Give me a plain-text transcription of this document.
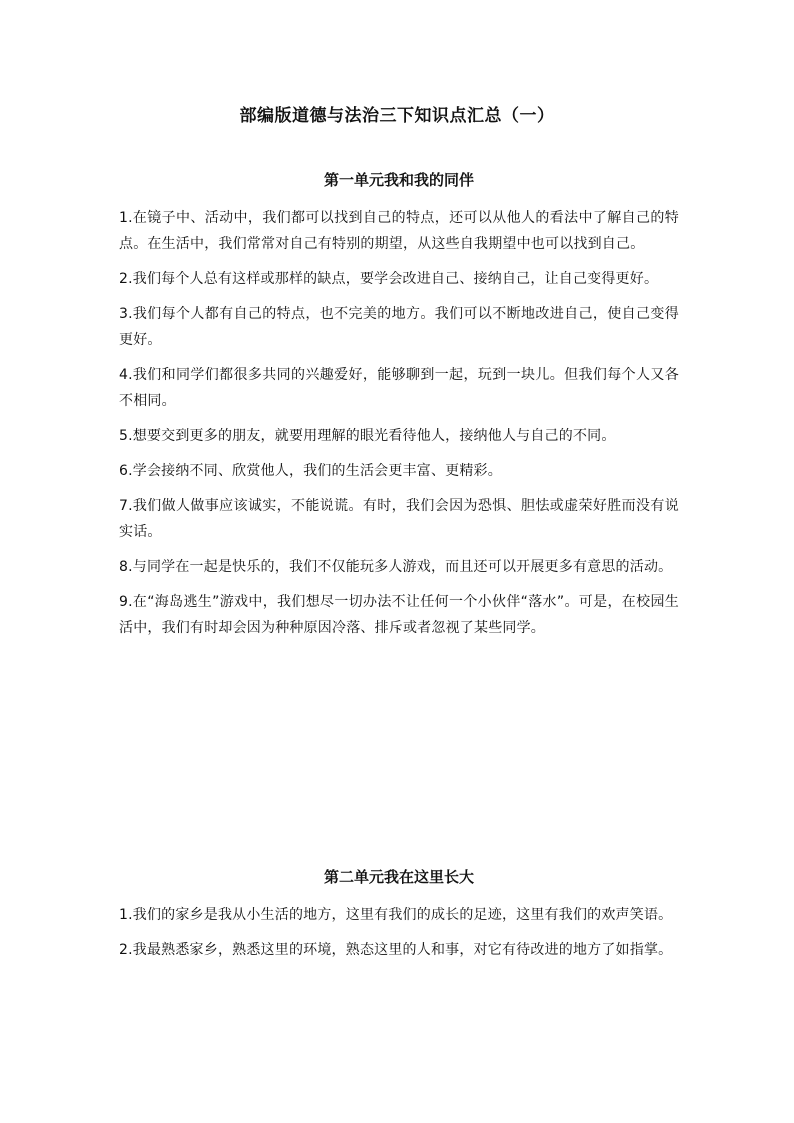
部编版道德与法治三下知识点汇总（一）
第一单元我和我的同伴
1.在镜子中、活动中，我们都可以找到自己的特点，还可以从他人的看法中了解自己的特点。在生活中，我们常常对自己有特别的期望，从这些自我期望中也可以找到自己。
2.我们每个人总有这样或那样的缺点，要学会改进自己、接纳自己，让自己变得更好。
3.我们每个人都有自己的特点，也不完美的地方。我们可以不断地改进自己，使自己变得更好。
4.我们和同学们都很多共同的兴趣爱好，能够聊到一起，玩到一块儿。但我们每个人又各不相同。
5.想要交到更多的朋友，就要用理解的眼光看待他人，接纳他人与自己的不同。
6.学会接纳不同、欣赏他人，我们的生活会更丰富、更精彩。
7.我们做人做事应该诚实，不能说谎。有时，我们会因为恐惧、胆怯或虚荣好胜而没有说实话。
8.与同学在一起是快乐的，我们不仅能玩多人游戏，而且还可以开展更多有意思的活动。
9.在“海岛逃生”游戏中，我们想尽一切办法不让任何一个小伙伴“落水”。可是，在校园生活中，我们有时却会因为种种原因冷落、排斥或者忽视了某些同学。
第二单元我在这里长大
1.我们的家乡是我从小生活的地方，这里有我们的成长的足迹，这里有我们的欢声笑语。
2.我最熟悉家乡，熟悉这里的环境，熟态这里的人和事，对它有待改进的地方了如指掌。
